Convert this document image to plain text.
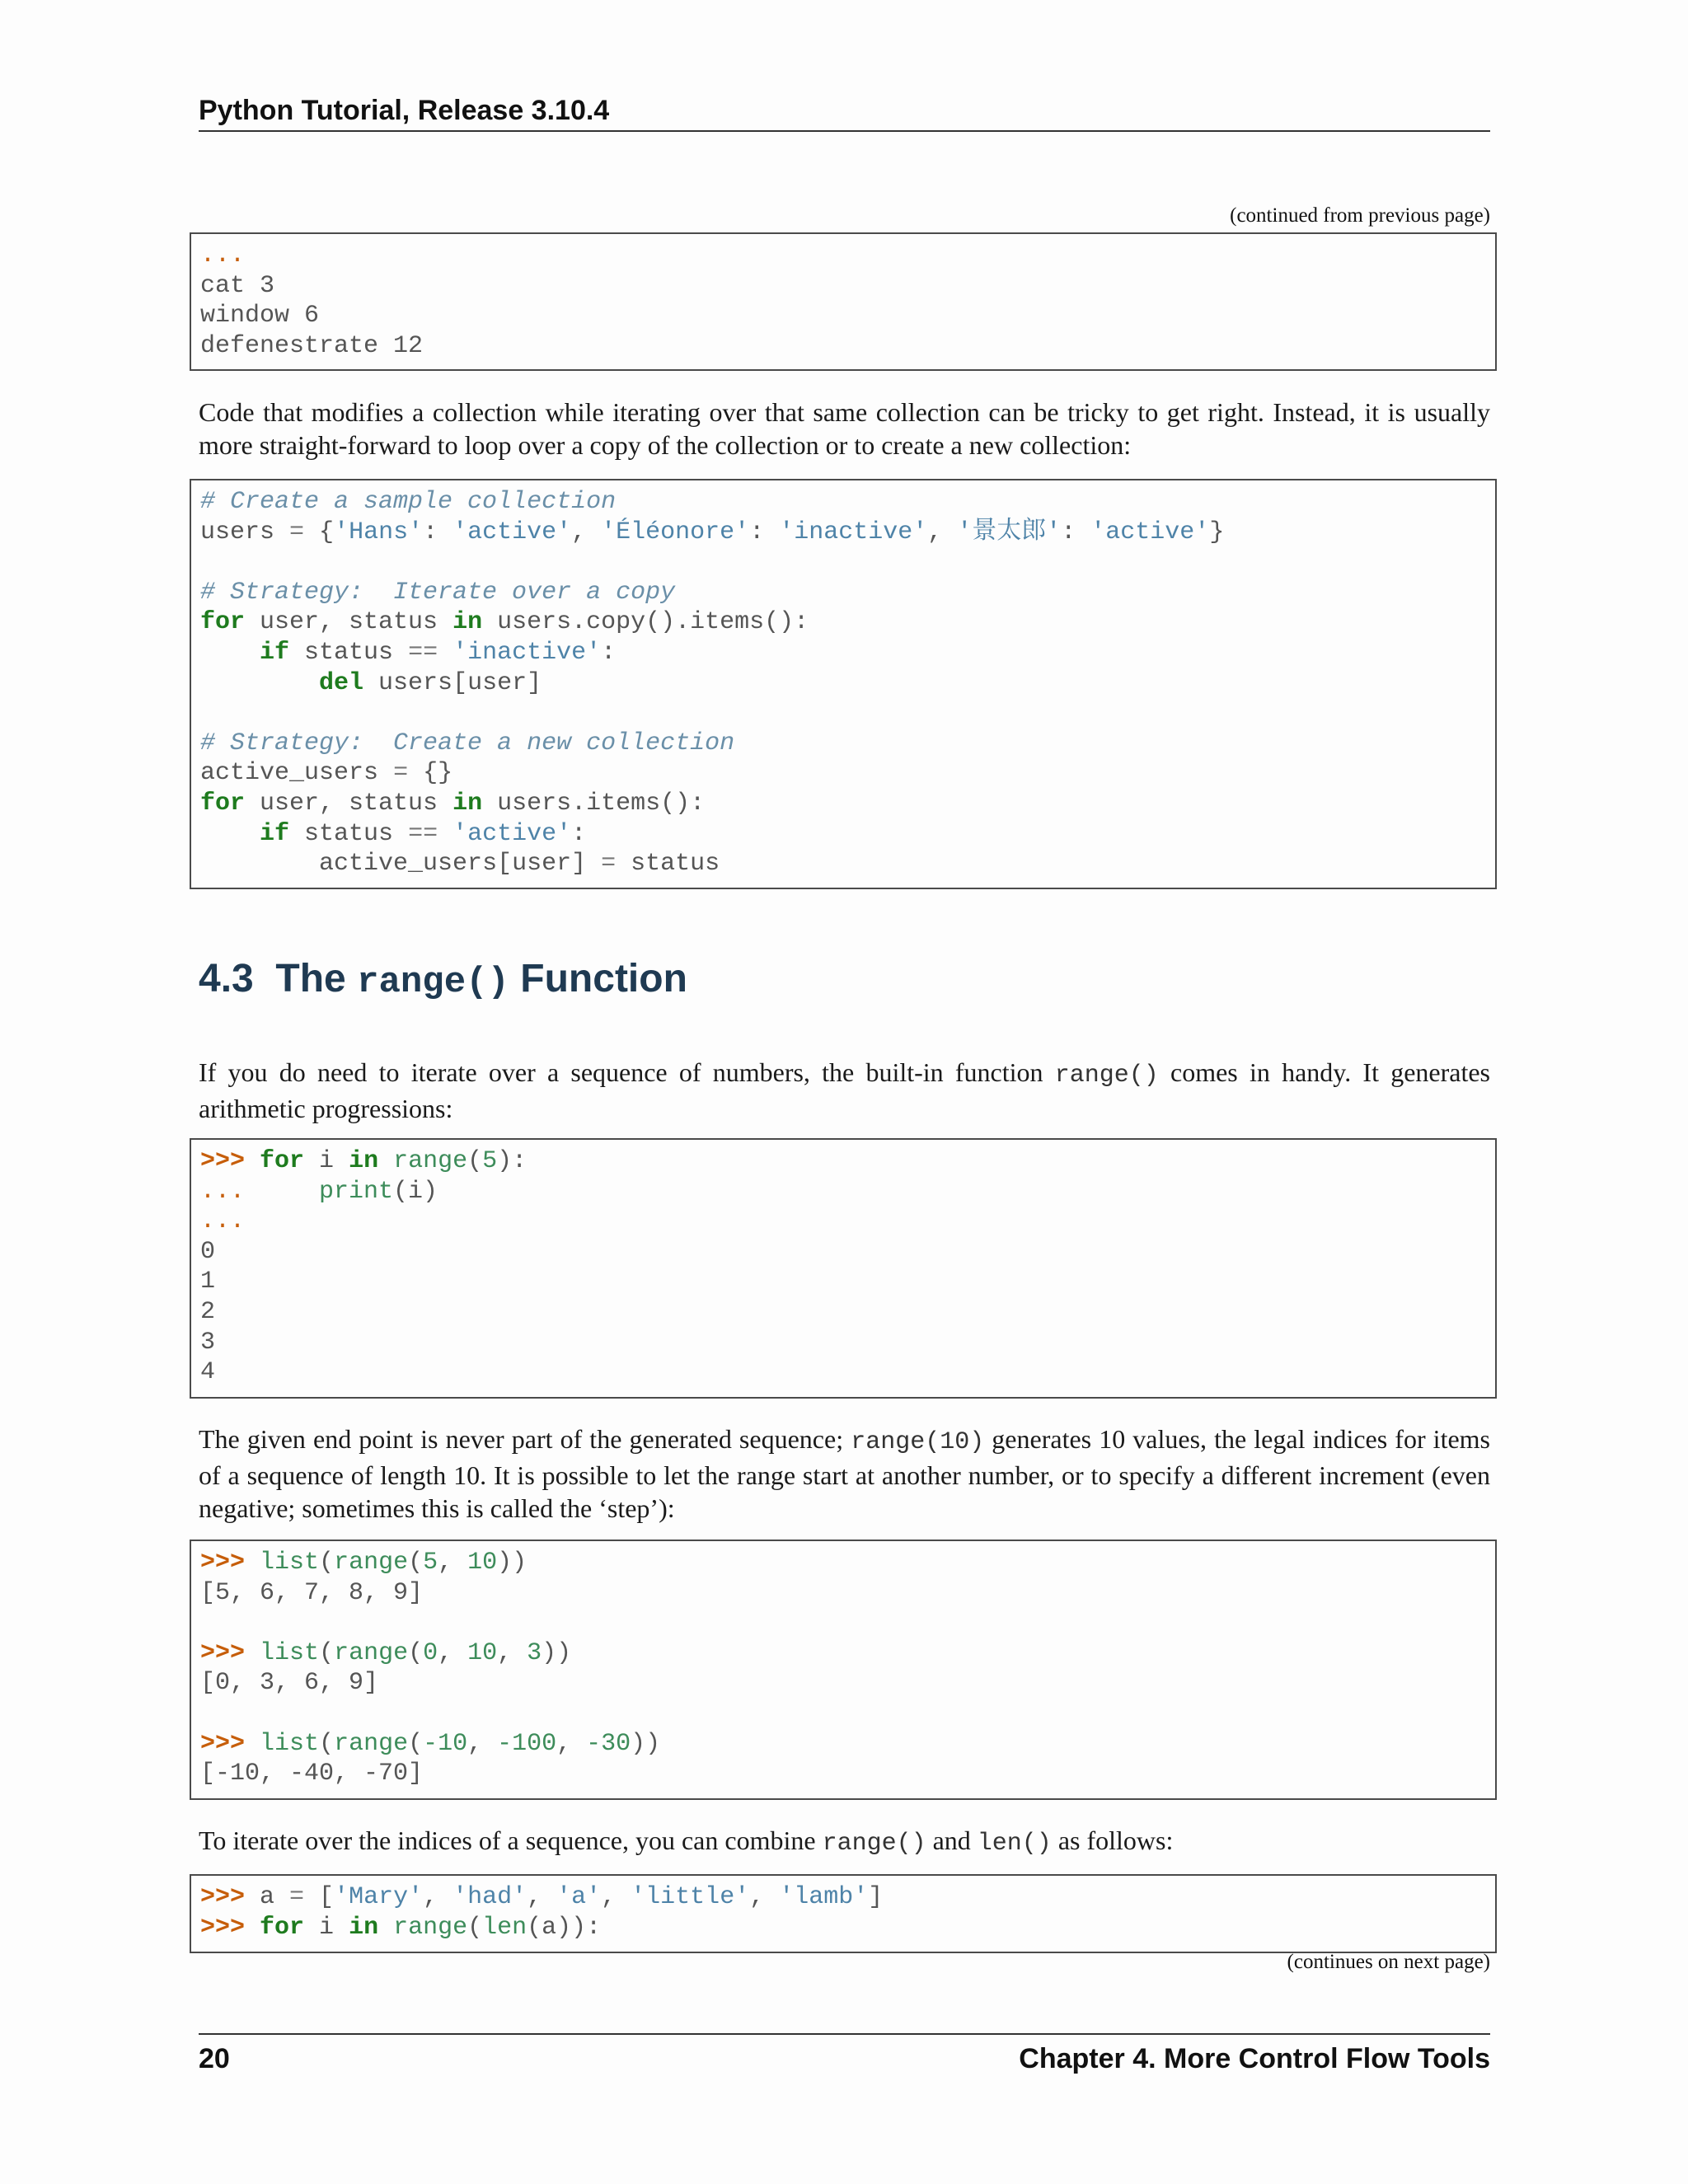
Python Tutorial, Release 3.10.4
(continued from previous page)
...
cat 3
window 6
defenestrate 12
Code that modifies a collection while iterating over that same collection can be tricky to get right. Instead, it is usually more straight-forward to loop over a copy of the collection or to create a new collection:
# Create a sample collection
users = {'Hans': 'active', 'Éléonore': 'inactive', '景太郎': 'active'}
# Strategy:  Iterate over a copy
for user, status in users.copy().items():
if status == 'inactive':
del users[user]
# Strategy:  Create a new collection
active_users = {}
for user, status in users.items():
if status == 'active':
active_users[user] = status
4.3 The range() Function
If you do need to iterate over a sequence of numbers, the built-in function range() comes in handy. It generates arithmetic progressions:
>>> for i in range(5):
...	print(i)
...
0
1
2
3
4
The given end point is never part of the generated sequence; range(10) generates 10 values, the legal indices for items of a sequence of length 10. It is possible to let the range start at another number, or to specify a different increment (even negative; sometimes this is called the ‘step’):
>>> list(range(5, 10))
[5, 6, 7, 8, 9]
>>> list(range(0, 10, 3))
[0, 3, 6, 9]
>>> list(range(-10, -100, -30))
[-10, -40, -70]
To iterate over the indices of a sequence, you can combine range() and len() as follows:
>>> a = ['Mary', 'had', 'a', 'little', 'lamb']
>>> for i in range(len(a)):
(continues on next page)
20	Chapter 4. More Control Flow Tools
